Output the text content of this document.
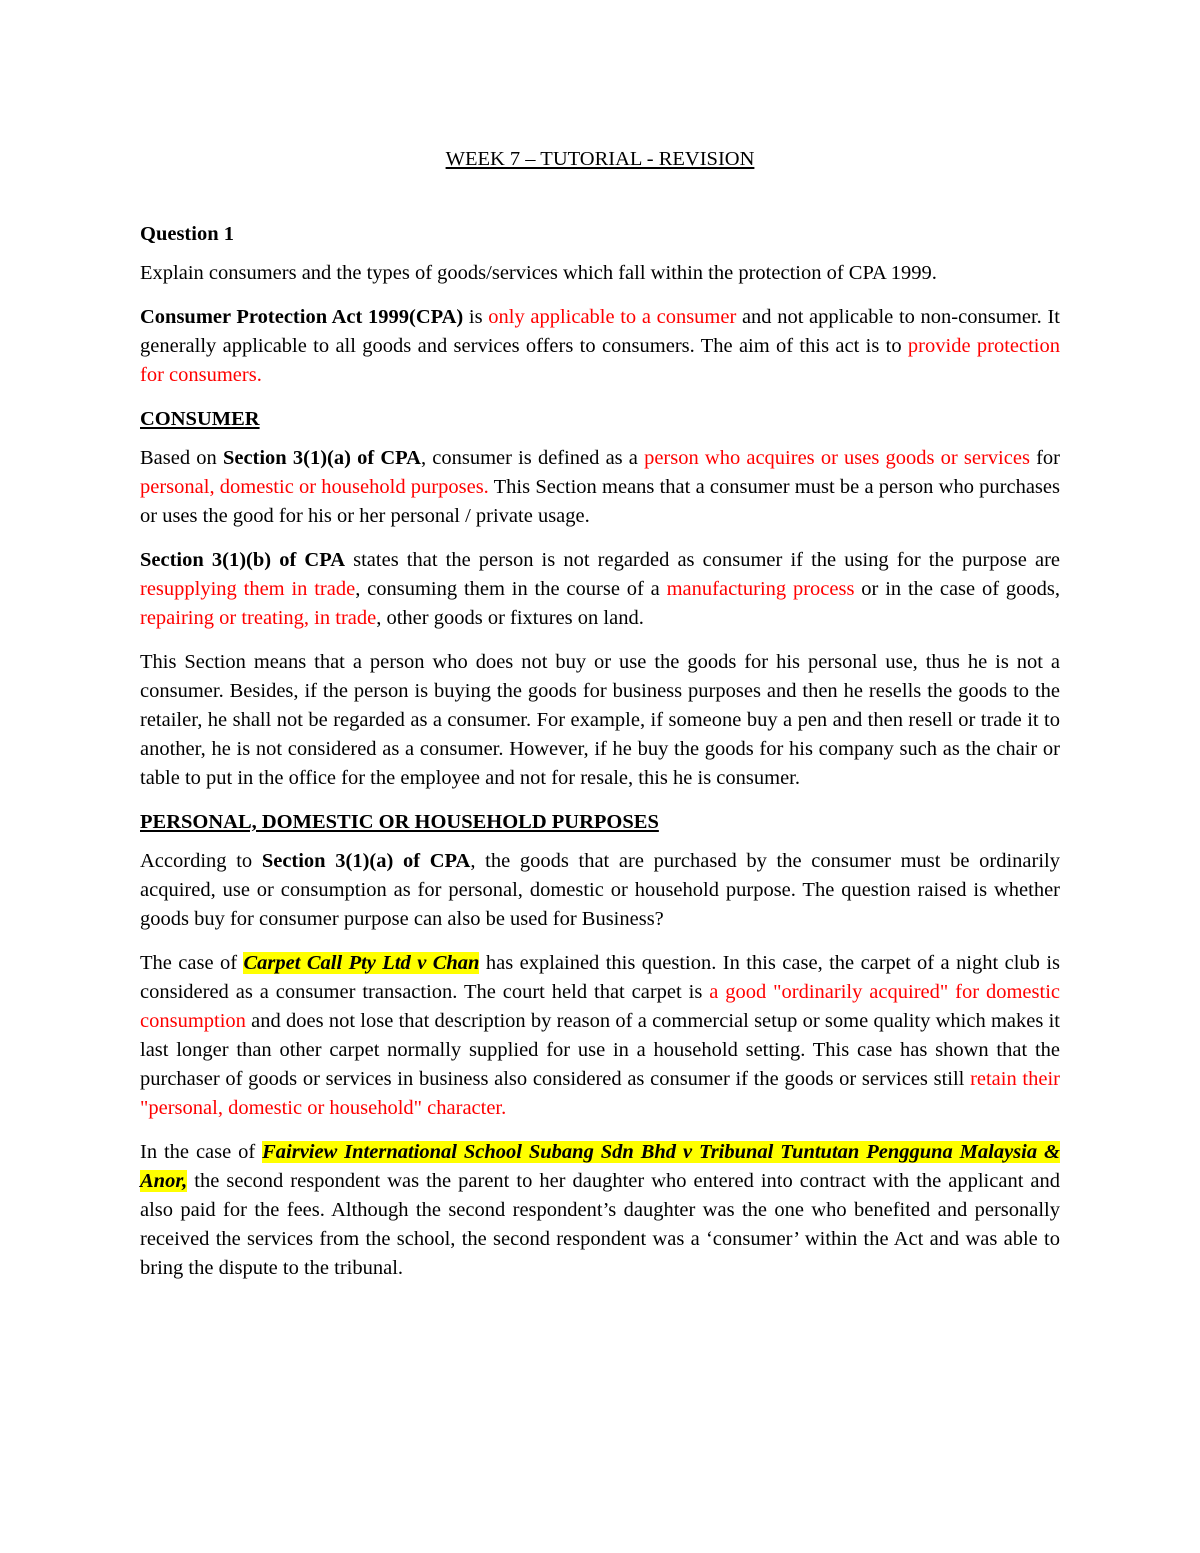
WEEK 7 – TUTORIAL - REVISION

Question 1

Explain consumers and the types of goods/services which fall within the protection of CPA 1999.

Consumer Protection Act 1999(CPA) is only applicable to a consumer and not applicable to non-consumer. It generally applicable to all goods and services offers to consumers. The aim of this act is to provide protection for consumers.

CONSUMER

Based on Section 3(1)(a) of CPA, consumer is defined as a person who acquires or uses goods or services for personal, domestic or household purposes. This Section means that a consumer must be a person who purchases or uses the good for his or her personal / private usage.

Section 3(1)(b) of CPA states that the person is not regarded as consumer if the using for the purpose are resupplying them in trade, consuming them in the course of a manufacturing process or in the case of goods, repairing or treating, in trade, other goods or fixtures on land.

This Section means that a person who does not buy or use the goods for his personal use, thus he is not a consumer. Besides, if the person is buying the goods for business purposes and then he resells the goods to the retailer, he shall not be regarded as a consumer. For example, if someone buy a pen and then resell or trade it to another, he is not considered as a consumer. However, if he buy the goods for his company such as the chair or table to put in the office for the employee and not for resale, this he is consumer.

PERSONAL, DOMESTIC OR HOUSEHOLD PURPOSES

According to Section 3(1)(a) of CPA, the goods that are purchased by the consumer must be ordinarily acquired, use or consumption as for personal, domestic or household purpose. The question raised is whether goods buy for consumer purpose can also be used for Business?

The case of Carpet Call Pty Ltd v Chan has explained this question. In this case, the carpet of a night club is considered as a consumer transaction. The court held that carpet is a good "ordinarily acquired" for domestic consumption and does not lose that description by reason of a commercial setup or some quality which makes it last longer than other carpet normally supplied for use in a household setting. This case has shown that the purchaser of goods or services in business also considered as consumer if the goods or services still retain their "personal, domestic or household" character.

In the case of Fairview International School Subang Sdn Bhd v Tribunal Tuntutan Pengguna Malaysia & Anor, the second respondent was the parent to her daughter who entered into contract with the applicant and also paid for the fees. Although the second respondent’s daughter was the one who benefited and personally received the services from the school, the second respondent was a ‘consumer’ within the Act and was able to bring the dispute to the tribunal.
